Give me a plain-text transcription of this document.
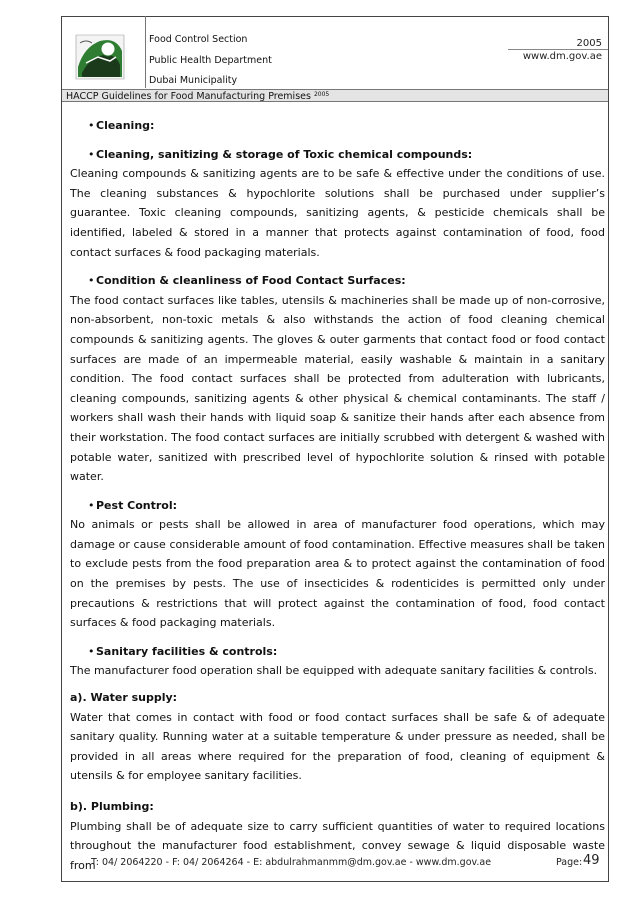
Food Control Section
Public Health Department
Dubai Municipality
2005
www.dm.gov.ae
HACCP Guidelines for Food Manufacturing Premises $^{2005}$
• Cleaning:
• Cleaning, sanitizing & storage of Toxic chemical compounds:

Cleaning compounds & sanitizing agents are to be safe & effective under the conditions of use. The cleaning substances & hypochlorite solutions shall be purchased under supplier’s guarantee. Toxic cleaning compounds, sanitizing agents, & pesticide chemicals shall be identified, labeled & stored in a manner that protects against contamination of food, food contact surfaces & food packaging materials.

• Condition & cleanliness of Food Contact Surfaces:

The food contact surfaces like tables, utensils & machineries shall be made up of non-corrosive, non-absorbent, non-toxic metals & also withstands the action of food cleaning chemical compounds & sanitizing agents. The gloves & outer garments that contact food or food contact surfaces are made of an impermeable material, easily washable & maintain in a sanitary condition. The food contact surfaces shall be protected from adulteration with lubricants, cleaning compounds, sanitizing agents & other physical & chemical contaminants. The staff / workers shall wash their hands with liquid soap & sanitize their hands after each absence from their workstation. The food contact surfaces are initially scrubbed with detergent & washed with potable water, sanitized with prescribed level of hypochlorite solution & rinsed with potable water.

• Pest Control:

No animals or pests shall be allowed in area of manufacturer food operations, which may damage or cause considerable amount of food contamination. Effective measures shall be taken to exclude pests from the food preparation area & to protect against the contamination of food on the premises by pests. The use of insecticides & rodenticides is permitted only under precautions & restrictions that will protect against the contamination of food, food contact surfaces & food packaging materials.

• Sanitary facilities & controls:

The manufacturer food operation shall be equipped with adequate sanitary facilities & controls.

a). Water supply:

Water that comes in contact with food or food contact surfaces shall be safe & of adequate sanitary quality. Running water at a suitable temperature & under pressure as needed, shall be provided in all areas where required for the preparation of food, cleaning of equipment & utensils & for employee sanitary facilities.

b). Plumbing:

Plumbing shall be of adequate size to carry sufficient quantities of water to required locations throughout the manufacturer food establishment, convey sewage & liquid disposable waste from

T: 04/ 2064220 - F: 04/ 2064264 - E: abdulrahmanmm@dm.gov.ae - www.dm.gov.ae	Page: 49
